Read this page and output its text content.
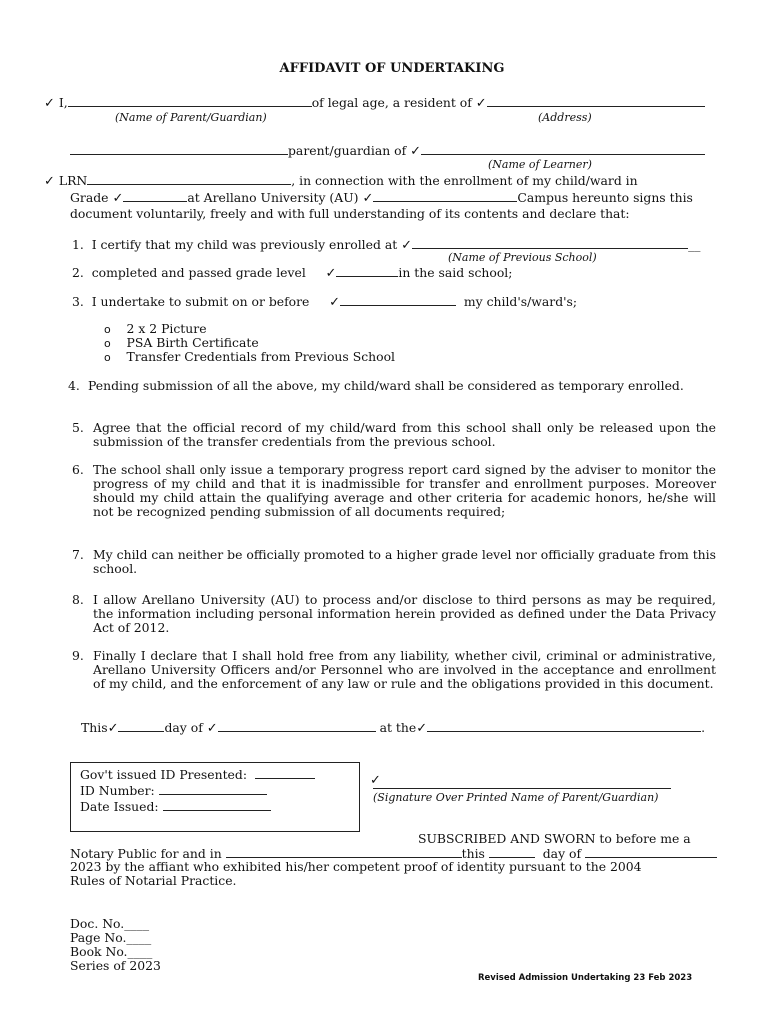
AFFIDAVIT OF UNDERTAKING
✓ I,	of legal age, a resident of ✓
(Name of Parent/Guardian)	(Address)
parent/guardian of ✓
(Name of Learner)
✓ LRN	, in connection with the enrollment of my child/ward in
Grade ✓	at Arellano University (AU) ✓	Campus hereunto signs this
document voluntarily, freely and with full understanding of its contents and declare that:
1. I certify that my child was previously enrolled at ✓	__
(Name of Previous School)
2. completed and passed grade level ✓	in the said school;
3. I undertake to submit on or before ✓	my child's/ward's;
o 2 x 2 Picture
o PSA Birth Certificate
o Transfer Credentials from Previous School
4. Pending submission of all the above, my child/ward shall be considered as temporary enrolled.
5. Agree that the official record of my child/ward from this school shall only be released upon the submission of the transfer credentials from the previous school.
6. The school shall only issue a temporary progress report card signed by the adviser to monitor the progress of my child and that it is inadmissible for transfer and enrollment purposes. Moreover should my child attain the qualifying average and other criteria for academic honors, he/she will not be recognized pending submission of all documents required;
7. My child can neither be officially promoted to a higher grade level nor officially graduate from this school.
8. I allow Arellano University (AU) to process and/or disclose to third persons as may be required, the information including personal information herein provided as defined under the Data Privacy Act of 2012.
9. Finally I declare that I shall hold free from any liability, whether civil, criminal or administrative, Arellano University Officers and/or Personnel who are involved in the acceptance and enrollment of my child, and the enforcement of any law or rule and the obligations provided in this document.
This✓	day of ✓	at the✓	.
Gov't issued ID Presented:
ID Number:
Date Issued:
✓
(Signature Over Printed Name of Parent/Guardian)
SUBSCRIBED AND SWORN to before me a
Notary Public for and in	this	day of
2023 by the affiant who exhibited his/her competent proof of identity pursuant to the 2004
Rules of Notarial Practice.
Doc. No.____
Page No.____
Book No.____
Series of 2023
Revised Admission Undertaking 23 Feb 2023
